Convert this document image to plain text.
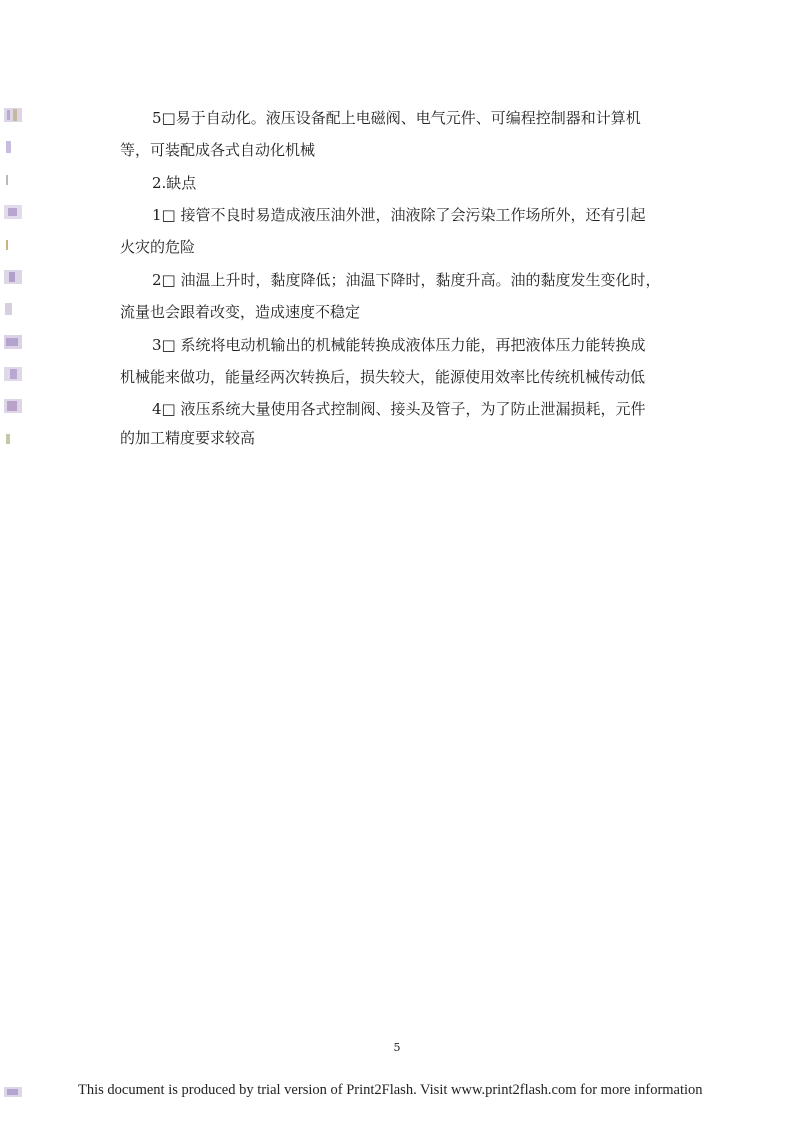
5□易于自动化。液压设备配上电磁阀、电气元件、可编程控制器和计算机
等，可装配成各式自动化机械
2.缺点
1□ 接管不良时易造成液压油外泄，油液除了会污染工作场所外，还有引起
火灾的危险
2□ 油温上升时，黏度降低；油温下降时，黏度升高。油的黏度发生变化时，
流量也会跟着改变，造成速度不稳定
3□ 系统将电动机输出的机械能转换成液体压力能，再把液体压力能转换成
机械能来做功，能量经两次转换后，损失较大，能源使用效率比传统机械传动低
4□ 液压系统大量使用各式控制阀、接头及管子，为了防止泄漏损耗，元件
的加工精度要求较高
5
This document is produced by trial version of Print2Flash. Visit www.print2flash.com for more information
